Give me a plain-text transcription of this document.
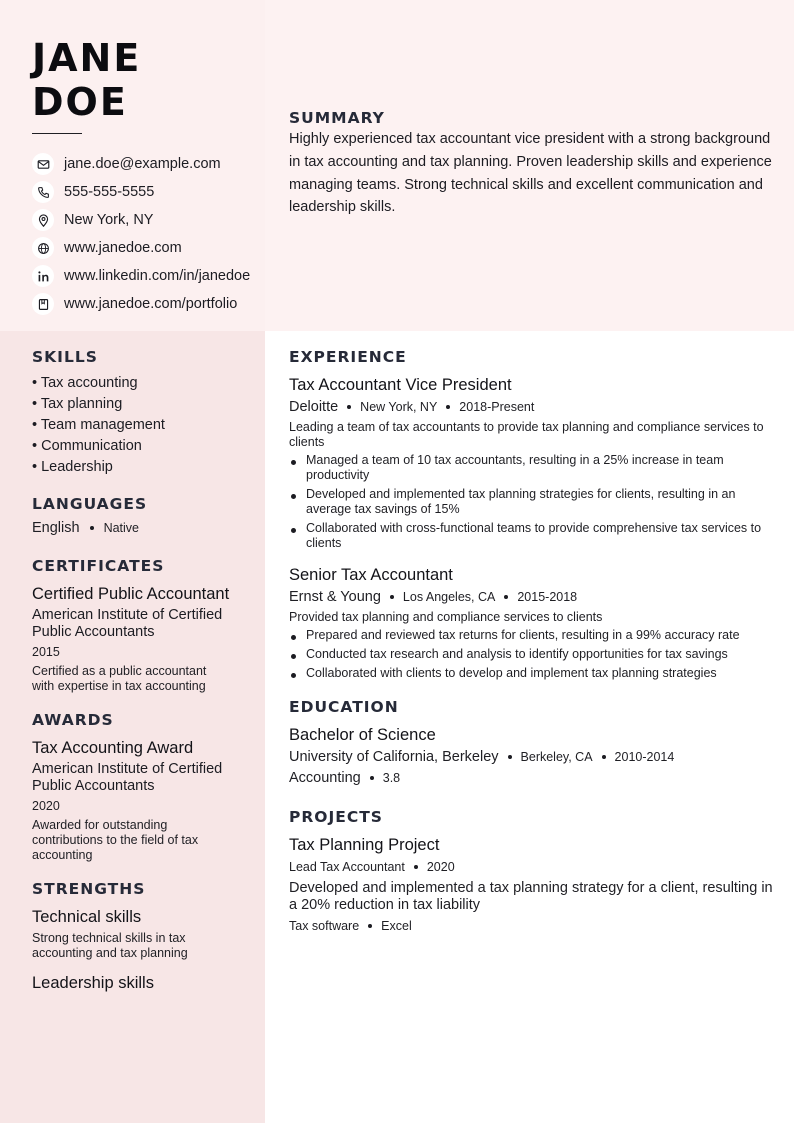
JANE
DOE
jane.doe@example.com
555-555-5555
New York, NY
www.janedoe.com
www.linkedin.com/in/janedoe
www.janedoe.com/portfolio
SUMMARY

Highly experienced tax accountant vice president with a strong background in tax accounting and tax planning. Proven leadership skills and experience managing teams. Strong technical skills and excellent communication and leadership skills.

SKILLS
• Tax accounting
• Tax planning
• Team management
• Communication
• Leadership
LANGUAGES
English Native
CERTIFICATES
Certified Public Accountant
American Institute of Certified Public Accountants
2015
Certified as a public accountant with expertise in tax accounting
AWARDS
Tax Accounting Award
American Institute of Certified Public Accountants
2020
Awarded for outstanding contributions to the field of tax accounting
STRENGTHS
Technical skills
Strong technical skills in tax accounting and tax planning
Leadership skills
EXPERIENCE
Tax Accountant Vice President
Deloitte New York, NY 2018-Present
Leading a team of tax accountants to provide tax planning and compliance services to clients
Managed a team of 10 tax accountants, resulting in a 25% increase in team productivity
Developed and implemented tax planning strategies for clients, resulting in an average tax savings of 15%
Collaborated with cross-functional teams to provide comprehensive tax services to clients
Senior Tax Accountant
Ernst & Young Los Angeles, CA 2015-2018
Provided tax planning and compliance services to clients
Prepared and reviewed tax returns for clients, resulting in a 99% accuracy rate
Conducted tax research and analysis to identify opportunities for tax savings
Collaborated with clients to develop and implement tax planning strategies
EDUCATION
Bachelor of Science
University of California, Berkeley Berkeley, CA 2010-2014
Accounting 3.8
PROJECTS
Tax Planning Project
Lead Tax Accountant 2020
Developed and implemented a tax planning strategy for a client, resulting in a 20% reduction in tax liability
Tax software Excel
